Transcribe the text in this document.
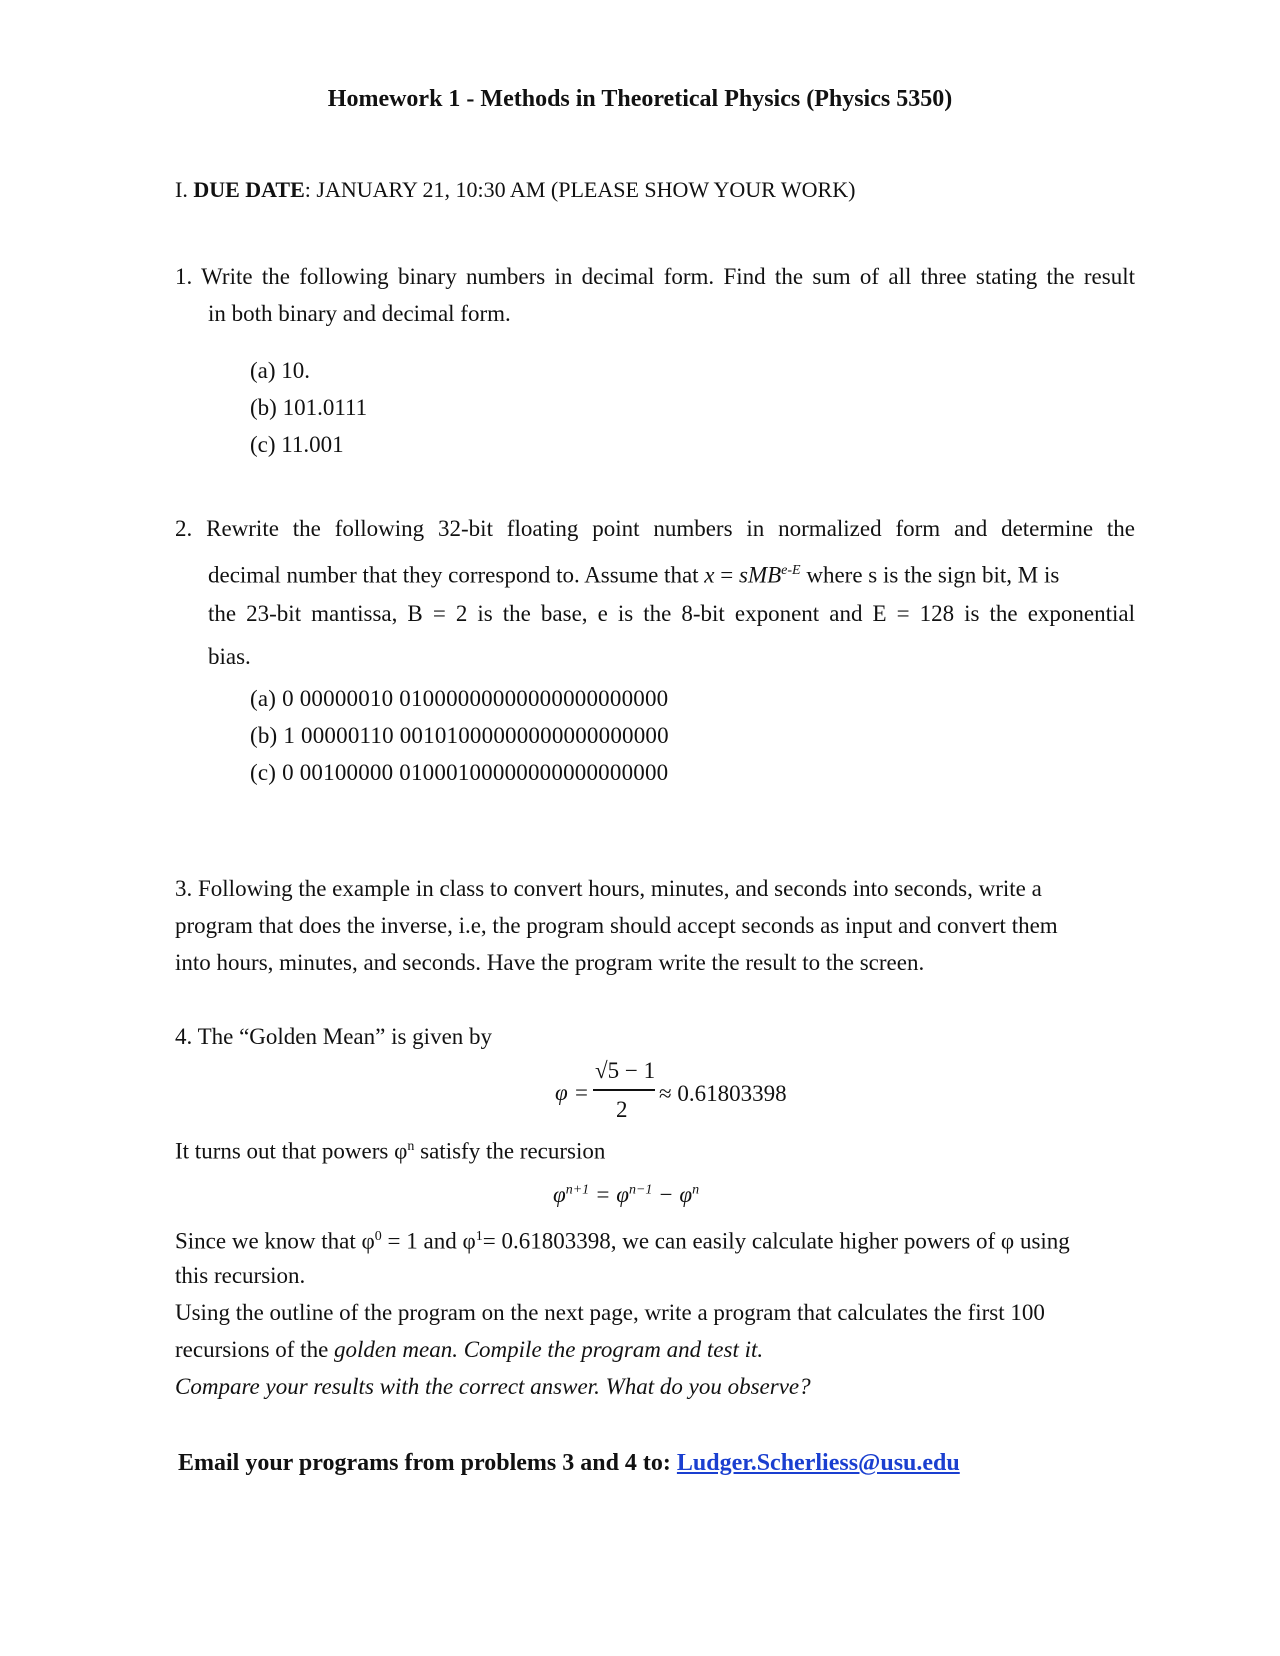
Homework 1 - Methods in Theoretical Physics (Physics 5350)
I. DUE DATE: JANUARY 21, 10:30 AM (PLEASE SHOW YOUR WORK)
1. Write the following binary numbers in decimal form. Find the sum of all three stating the result
in both binary and decimal form.
(a) 10.
(b) 101.0111
(c) 11.001
2. Rewrite the following 32-bit floating point numbers in normalized form and determine the
decimal number that they correspond to. Assume that x = sMB$^{e-E}$ where s is the sign bit, M is
the 23-bit mantissa, B = 2 is the base, e is the 8-bit exponent and E = 128 is the exponential
bias.
(a) 0 00000010 01000000000000000000000
(b) 1 00000110 00101000000000000000000
(c) 0 00100000 01000100000000000000000
3. Following the example in class to convert hours, minutes, and seconds into seconds, write a
program that does the inverse, i.e, the program should accept seconds as input and convert them
into hours, minutes, and seconds. Have the program write the result to the screen.
4. The “Golden Mean” is given by
φ =
√5 − 1
2
≈ 0.61803398
It turns out that powers $\varphi^n$ satisfy the recursion
$\varphi^{n+1} = \varphi^{n-1} - \varphi^n$
Since we know that $\varphi^0 = 1$ and $\varphi^1= 0.61803398$, we can easily calculate higher powers of φ using
this recursion.
Using the outline of the program on the next page, write a program that calculates the first 100
recursions of the golden mean. Compile the program and test it.
Compare your results with the correct answer. What do you observe?
Email your programs from problems 3 and 4 to: Ludger.Scherliess@usu.edu
